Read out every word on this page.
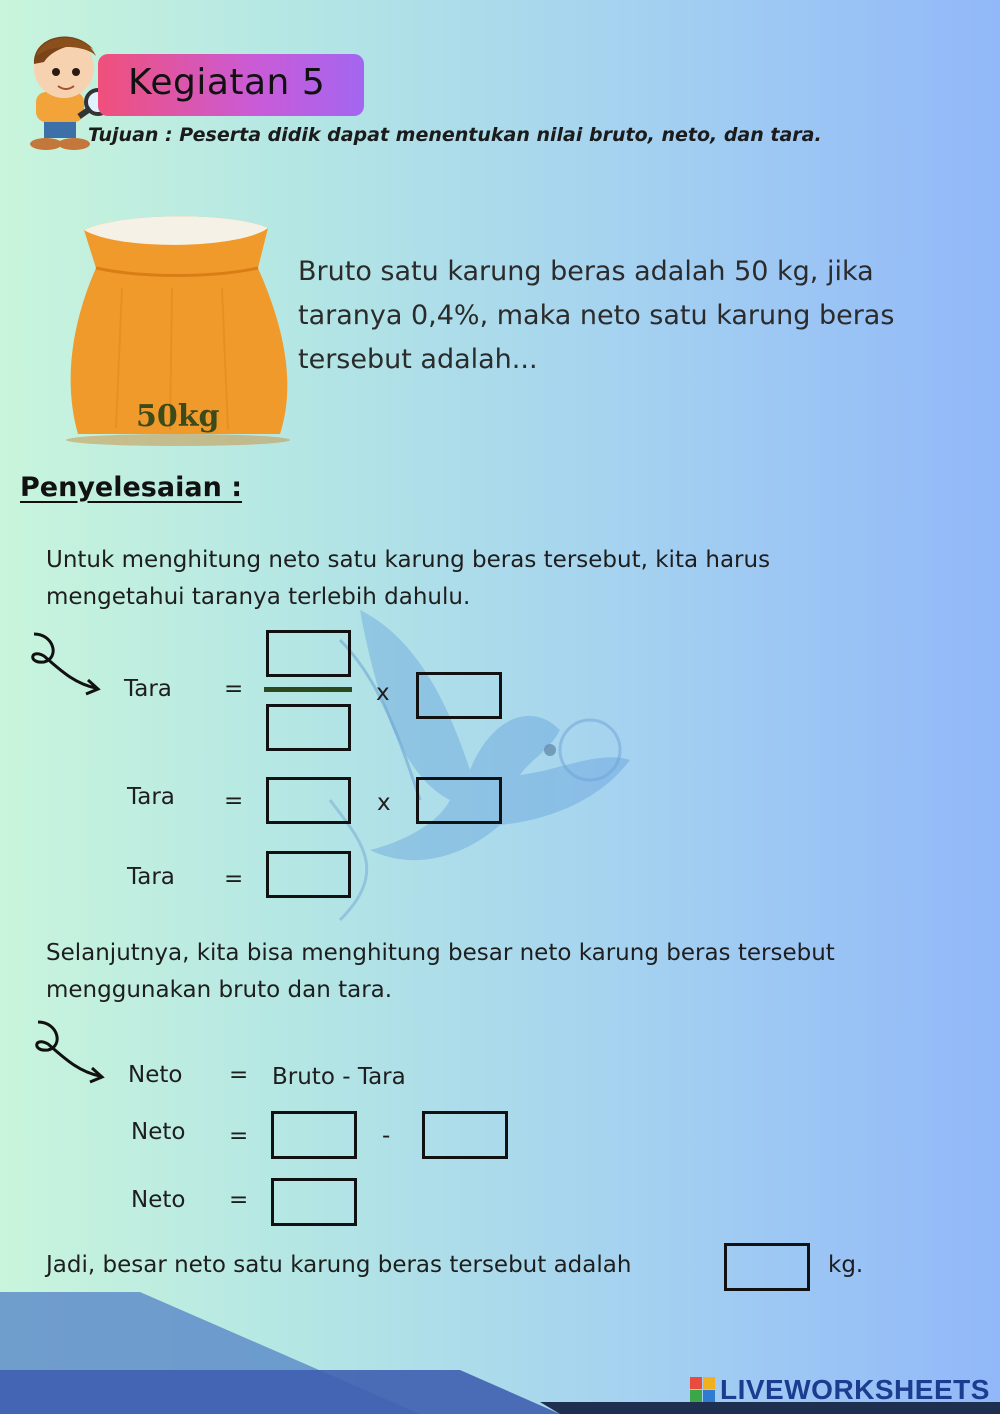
Kegiatan 5
Tujuan : Peserta didik dapat menentukan nilai bruto, neto, dan tara.
50kg
Bruto satu karung beras adalah 50 kg, jika taranya 0,4%, maka neto satu karung beras tersebut adalah...
Penyelesaian :
Untuk menghitung neto satu karung beras tersebut, kita harus mengetahui taranya terlebih dahulu.
Tara =	x
Tara =	x
Tara =
Selanjutnya, kita bisa menghitung besar neto karung beras tersebut menggunakan bruto dan tara.
Neto = Bruto - Tara
Neto =	-
Neto =
Jadi, besar neto satu karung beras tersebut adalah	kg.
LIVEWORKSHEETS
